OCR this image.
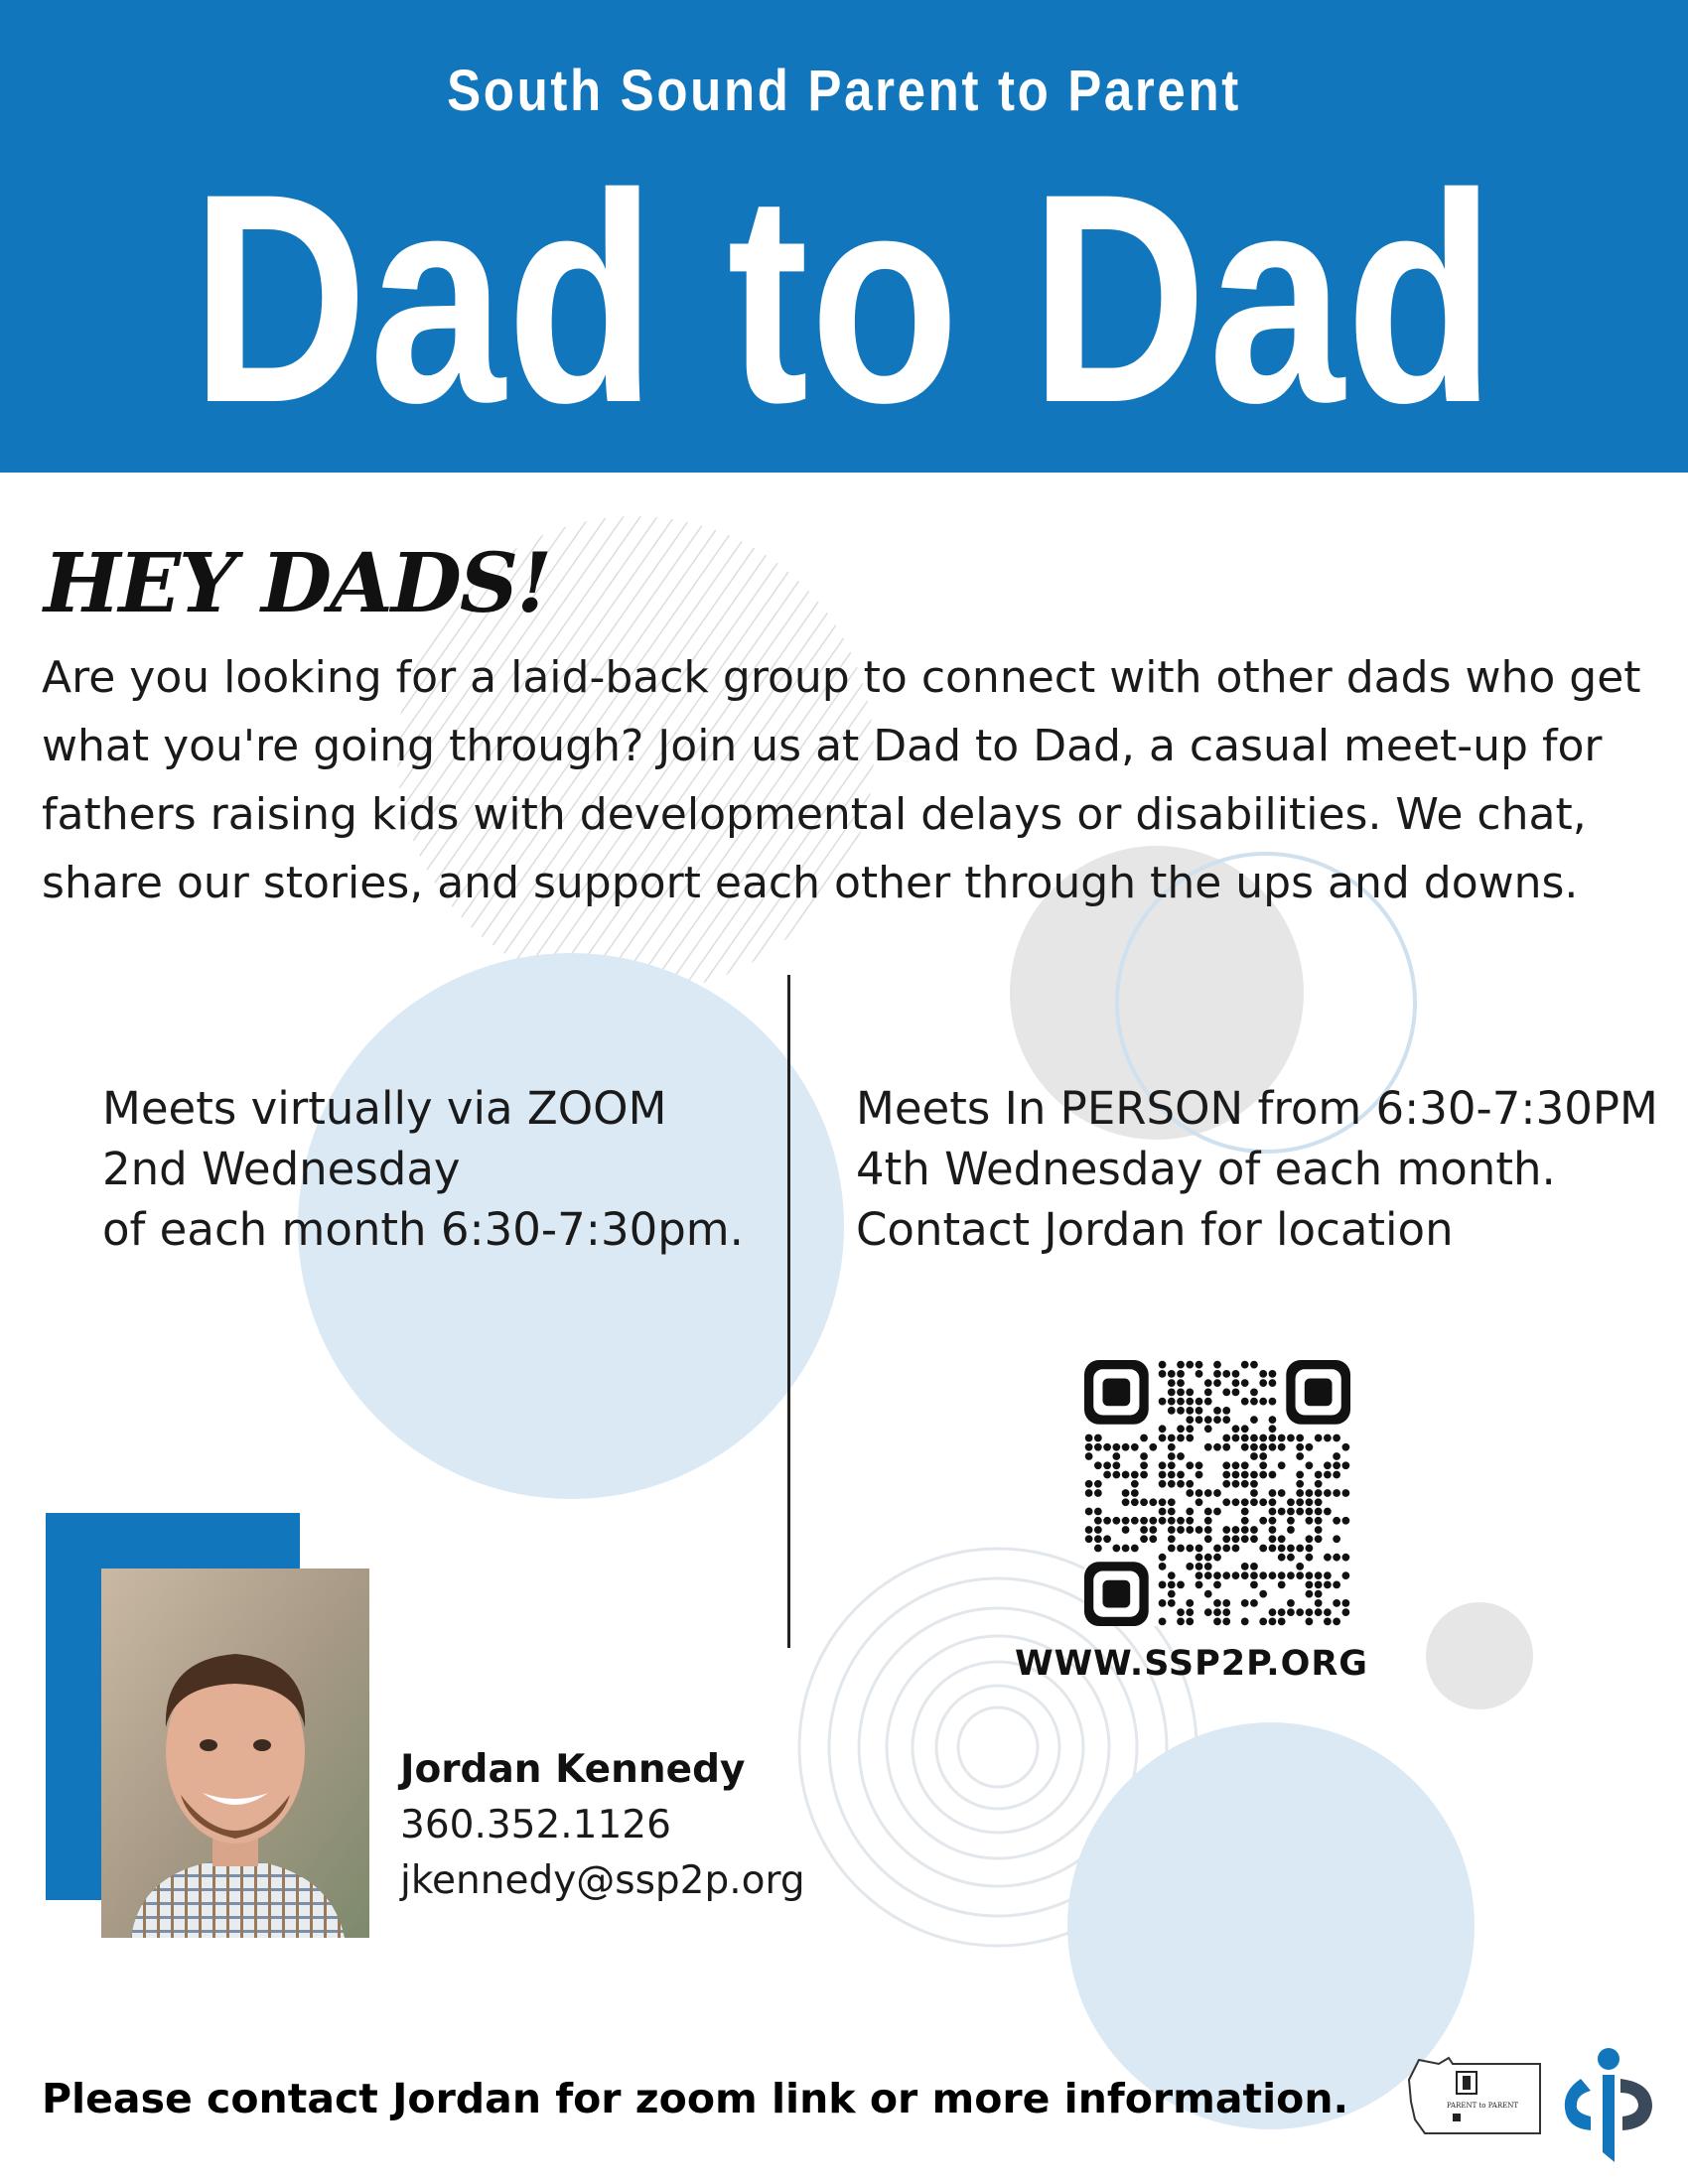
South Sound Parent to Parent
Dad to Dad
HEY DADS!

Are you looking for a laid-back group to connect with other dads who get what you're going through? Join us at Dad to Dad, a casual meet-up for fathers raising kids with developmental delays or disabilities. We chat, share our stories, and support each other through the ups and downs.

Meets virtually via ZOOM
2nd Wednesday
of each month 6:30-7:30pm.
Meets In PERSON from 6:30-7:30PM
4th Wednesday of each month.
Contact Jordan for location
WWW.SSP2P.ORG
Jordan Kennedy
360.352.1126
jkennedy@ssp2p.org

Please contact Jordan for zoom link or more information.	PARENT to PARENT
